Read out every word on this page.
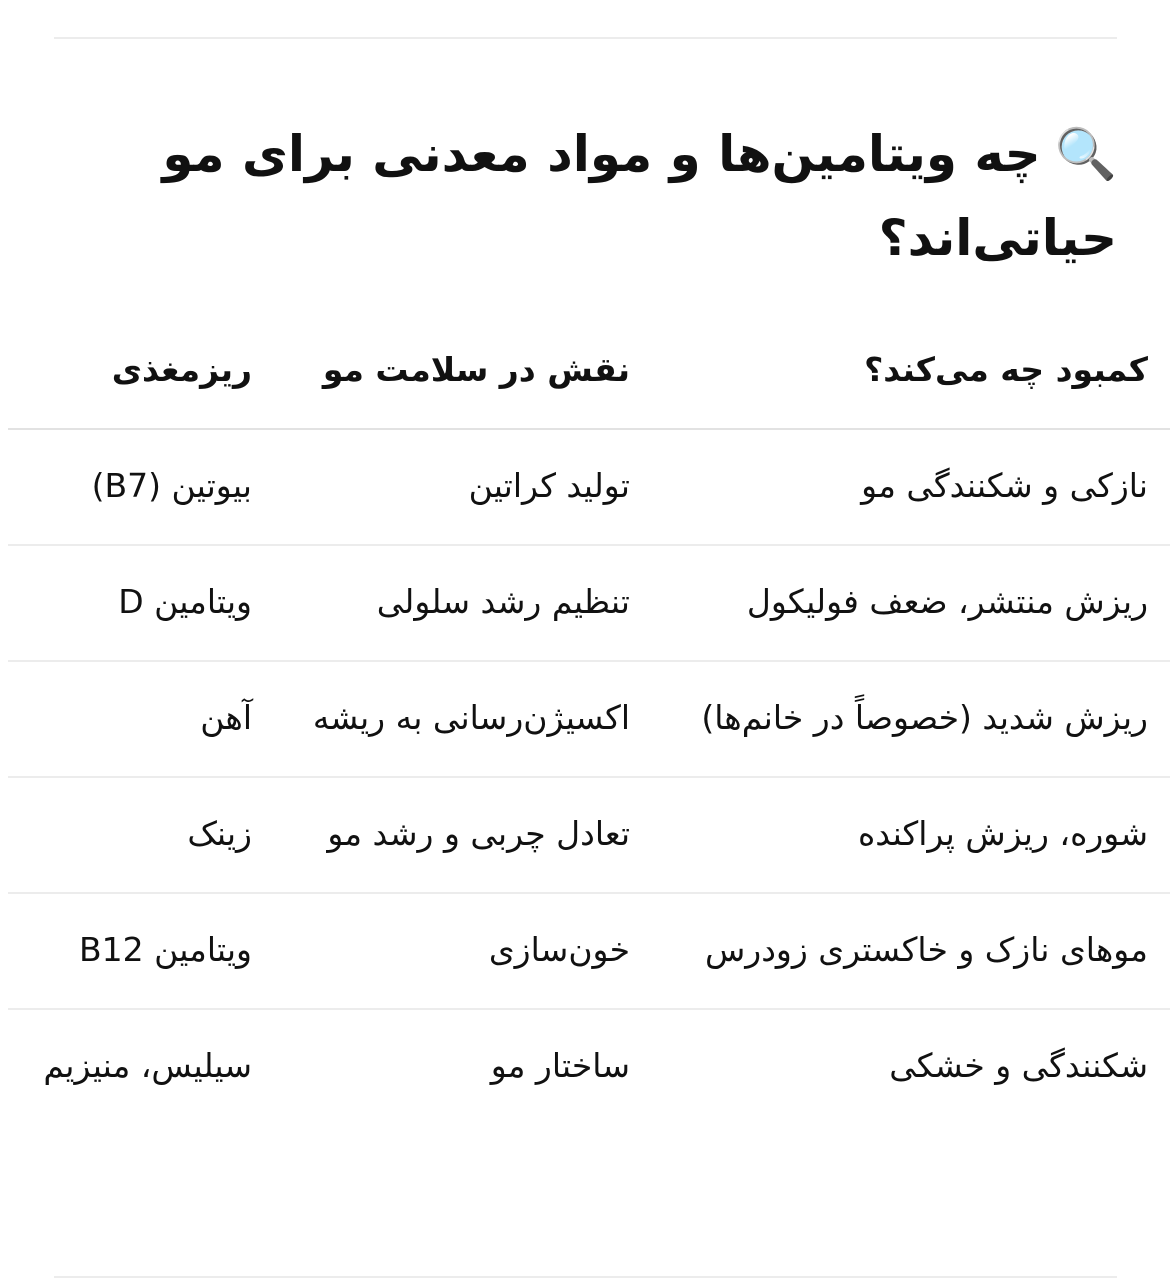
🔍چه ویتامین‌ها و مواد معدنی برای مو حیاتی‌اند؟
کمبود چه می‌کند؟	نقش در سلامت مو	ریزمغذی
نازکی و شکنندگی مو	تولید کراتین	بیوتین (B7)
ریزش منتشر، ضعف فولیکول	تنظیم رشد سلولی	ویتامین D
ریزش شدید (خصوصاً در خانم‌ها)	اکسیژن‌رسانی به ریشه	آهن
شوره، ریزش پراکنده	تعادل چربی و رشد مو	زینک
موهای نازک و خاکستری زودرس	خون‌سازی	ویتامین B12
شکنندگی و خشکی	ساختار مو	سیلیس، منیزیم
